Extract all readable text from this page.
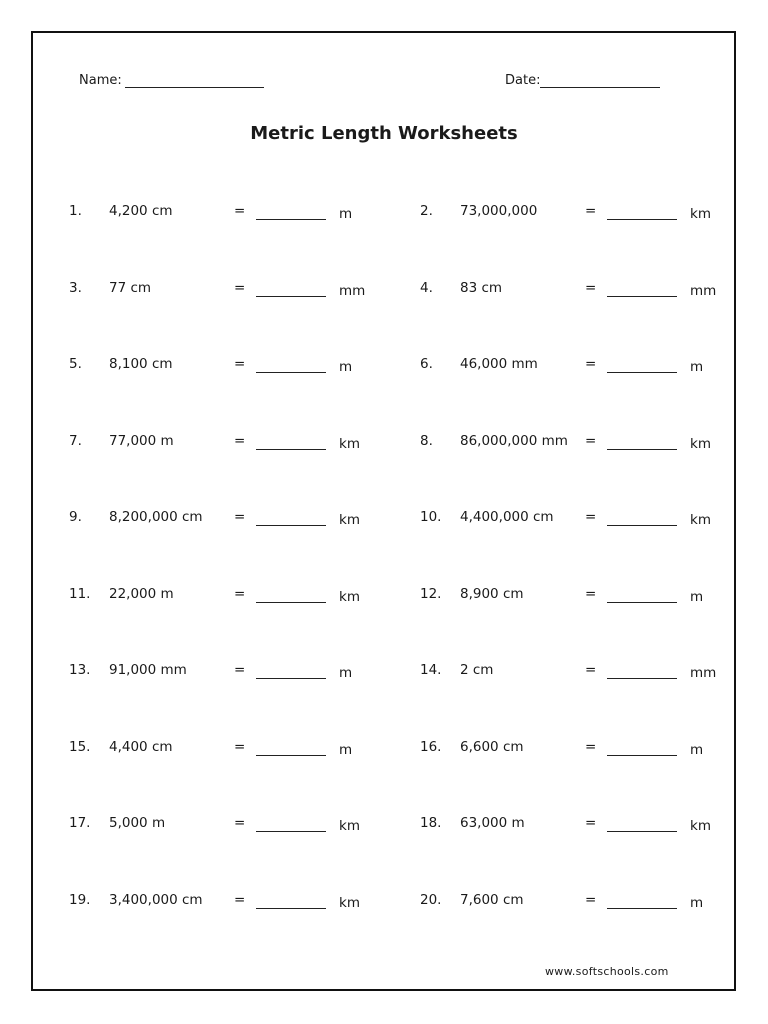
Name:	Date:
Metric Length Worksheets
1. 4,200 cm	=	m	2. 73,000,000	=	km
3. 77 cm	=	mm	4. 83 cm	=	mm
5. 8,100 cm	=	m	6. 46,000 mm	=	m
7. 77,000 m	=	km	8. 86,000,000 mm =	km
9. 8,200,000 cm =	km	10. 4,400,000 cm =	km
11. 22,000 m	=	km	12. 8,900 cm	=	m
13. 91,000 mm	=	m	14. 2 cm	=	mm
15. 4,400 cm	=	m	16. 6,600 cm	=	m
17. 5,000 m	=	km	18. 63,000 m	=	km
19. 3,400,000 cm =	km	20. 7,600 cm	=	m
www.softschools.com
